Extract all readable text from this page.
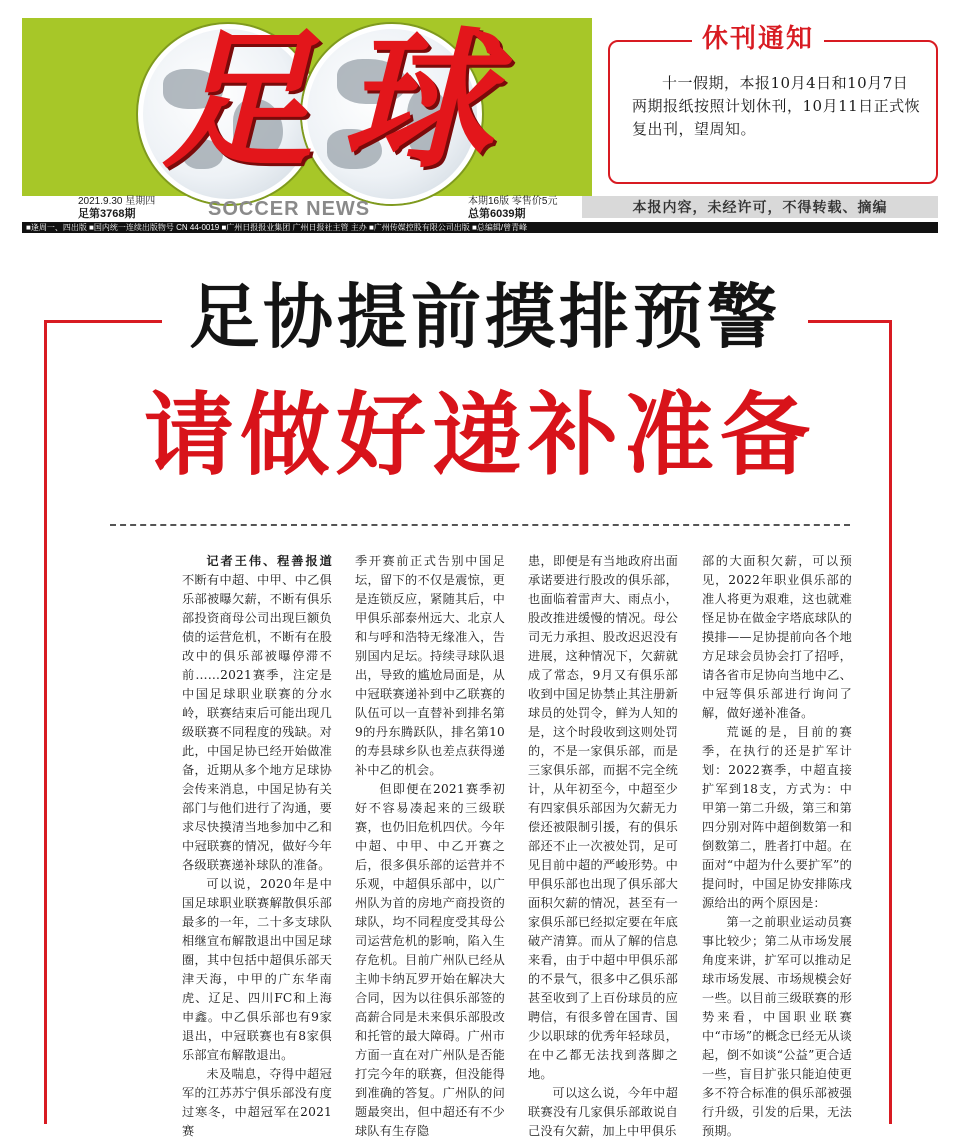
足 球
2021.9.30 星期四
足第3768期	SOCCER NEWS	本期16版 零售价5元
总第6039期	本报内容，未经许可，不得转载、摘编
■逢周一、四出版 ■国内统一连续出版物号 CN 44-0019 ■广州日报报业集团 广州日报社主管 主办 ■广州传媒控股有限公司出版 ■总编辑/曾青峰
休刊通知
十一假期，本报10月4日和10月7日两期报纸按照计划休刊，10月11日正式恢复出刊，望周知。
足协提前摸排预警
请做好递补准备

记者王伟、程善报道 不断有中超、中甲、中乙俱乐部被曝欠薪，不断有俱乐部投资商母公司出现巨额负债的运营危机，不断有在股改中的俱乐部被曝停滞不前……2021赛季，注定是中国足球职业联赛的分水岭，联赛结束后可能出现几级联赛不同程度的残缺。对此，中国足协已经开始做准备，近期从多个地方足球协会传来消息，中国足协有关部门与他们进行了沟通，要求尽快摸清当地参加中乙和中冠联赛的情况，做好今年各级联赛递补球队的准备。

可以说，2020年是中国足球职业联赛解散俱乐部最多的一年，二十多支球队相继宣布解散退出中国足球圈，其中包括中超俱乐部天津天海，中甲的广东华南虎、辽足、四川FC和上海申鑫。中乙俱乐部也有9家退出，中冠联赛也有8家俱乐部宣布解散退出。

未及喘息，夺得中超冠军的江苏苏宁俱乐部没有度过寒冬，中超冠军在2021赛

季开赛前正式告别中国足坛，留下的不仅是震惊，更是连锁反应，紧随其后，中甲俱乐部泰州远大、北京人和与呼和浩特无缘准入，告别国内足坛。持续寻球队退出，导致的尴尬局面是，从中冠联赛递补到中乙联赛的队伍可以一直替补到排名第9的丹东腾跃队，排名第10的寿县球乡队也差点获得递补中乙的机会。

但即便在2021赛季初好不容易凑起来的三级联赛，也仍旧危机四伏。今年中超、中甲、中乙开赛之后，很多俱乐部的运营并不乐观，中超俱乐部中，以广州队为首的房地产商投资的球队，均不同程度受其母公司运营危机的影响，陷入生存危机。目前广州队已经从主帅卡纳瓦罗开始在解决大合同，因为以往俱乐部签的高薪合同是未来俱乐部股改和托管的最大障碍。广州市方面一直在对广州队是否能打完今年的联赛，但没能得到准确的答复。广州队的问题最突出，但中超还有不少球队有生存隐

患，即便是有当地政府出面承诺要进行股改的俱乐部，也面临着雷声大、雨点小，股改推进缓慢的情况。母公司无力承担、股改迟迟没有进展，这种情况下，欠薪就成了常态，9月又有俱乐部收到中国足协禁止其注册新球员的处罚令，鲜为人知的是，这个时段收到这则处罚的，不是一家俱乐部，而是三家俱乐部，而据不完全统计，从年初至今，中超至少有四家俱乐部因为欠薪无力偿还被限制引援，有的俱乐部还不止一次被处罚，足可见目前中超的严峻形势。中甲俱乐部也出现了俱乐部大面积欠薪的情况，甚至有一家俱乐部已经拟定要在年底破产清算。而从了解的信息来看，由于中超中甲俱乐部的不景气，很多中乙俱乐部甚至收到了上百份球员的应聘信，有很多曾在国青、国少以职球的优秀年轻球员，在中乙都无法找到落脚之地。

可以这么说，今年中超联赛没有几家俱乐部敢说自己没有欠薪，加上中甲俱乐

部的大面积欠薪，可以预见，2022年职业俱乐部的准人将更为艰难，这也就难怪足协在做金字塔底球队的摸排——足协提前向各个地方足球会员协会打了招呼，请各省市足协向当地中乙、中冠等俱乐部进行询问了解，做好递补准备。

荒诞的是，目前的赛季，在执行的还是扩军计划：2022赛季，中超直接扩军到18支，方式为：中甲第一第二升级，第三和第四分别对阵中超倒数第一和倒数第二，胜者打中超。在面对“中超为什么要扩军”的提问时，中国足协安排陈戌源给出的两个原因是：

第一之前职业运动员赛事比较少；第二从市场发展角度来讲，扩军可以推动足球市场发展、市场规模会好一些。以目前三级联赛的形势来看，中国职业联赛中“市场”的概念已经无从谈起，倒不如谈“公益”更合适一些，盲目扩张只能迫使更多不符合标准的俱乐部被强行升级，引发的后果，无法预期。
